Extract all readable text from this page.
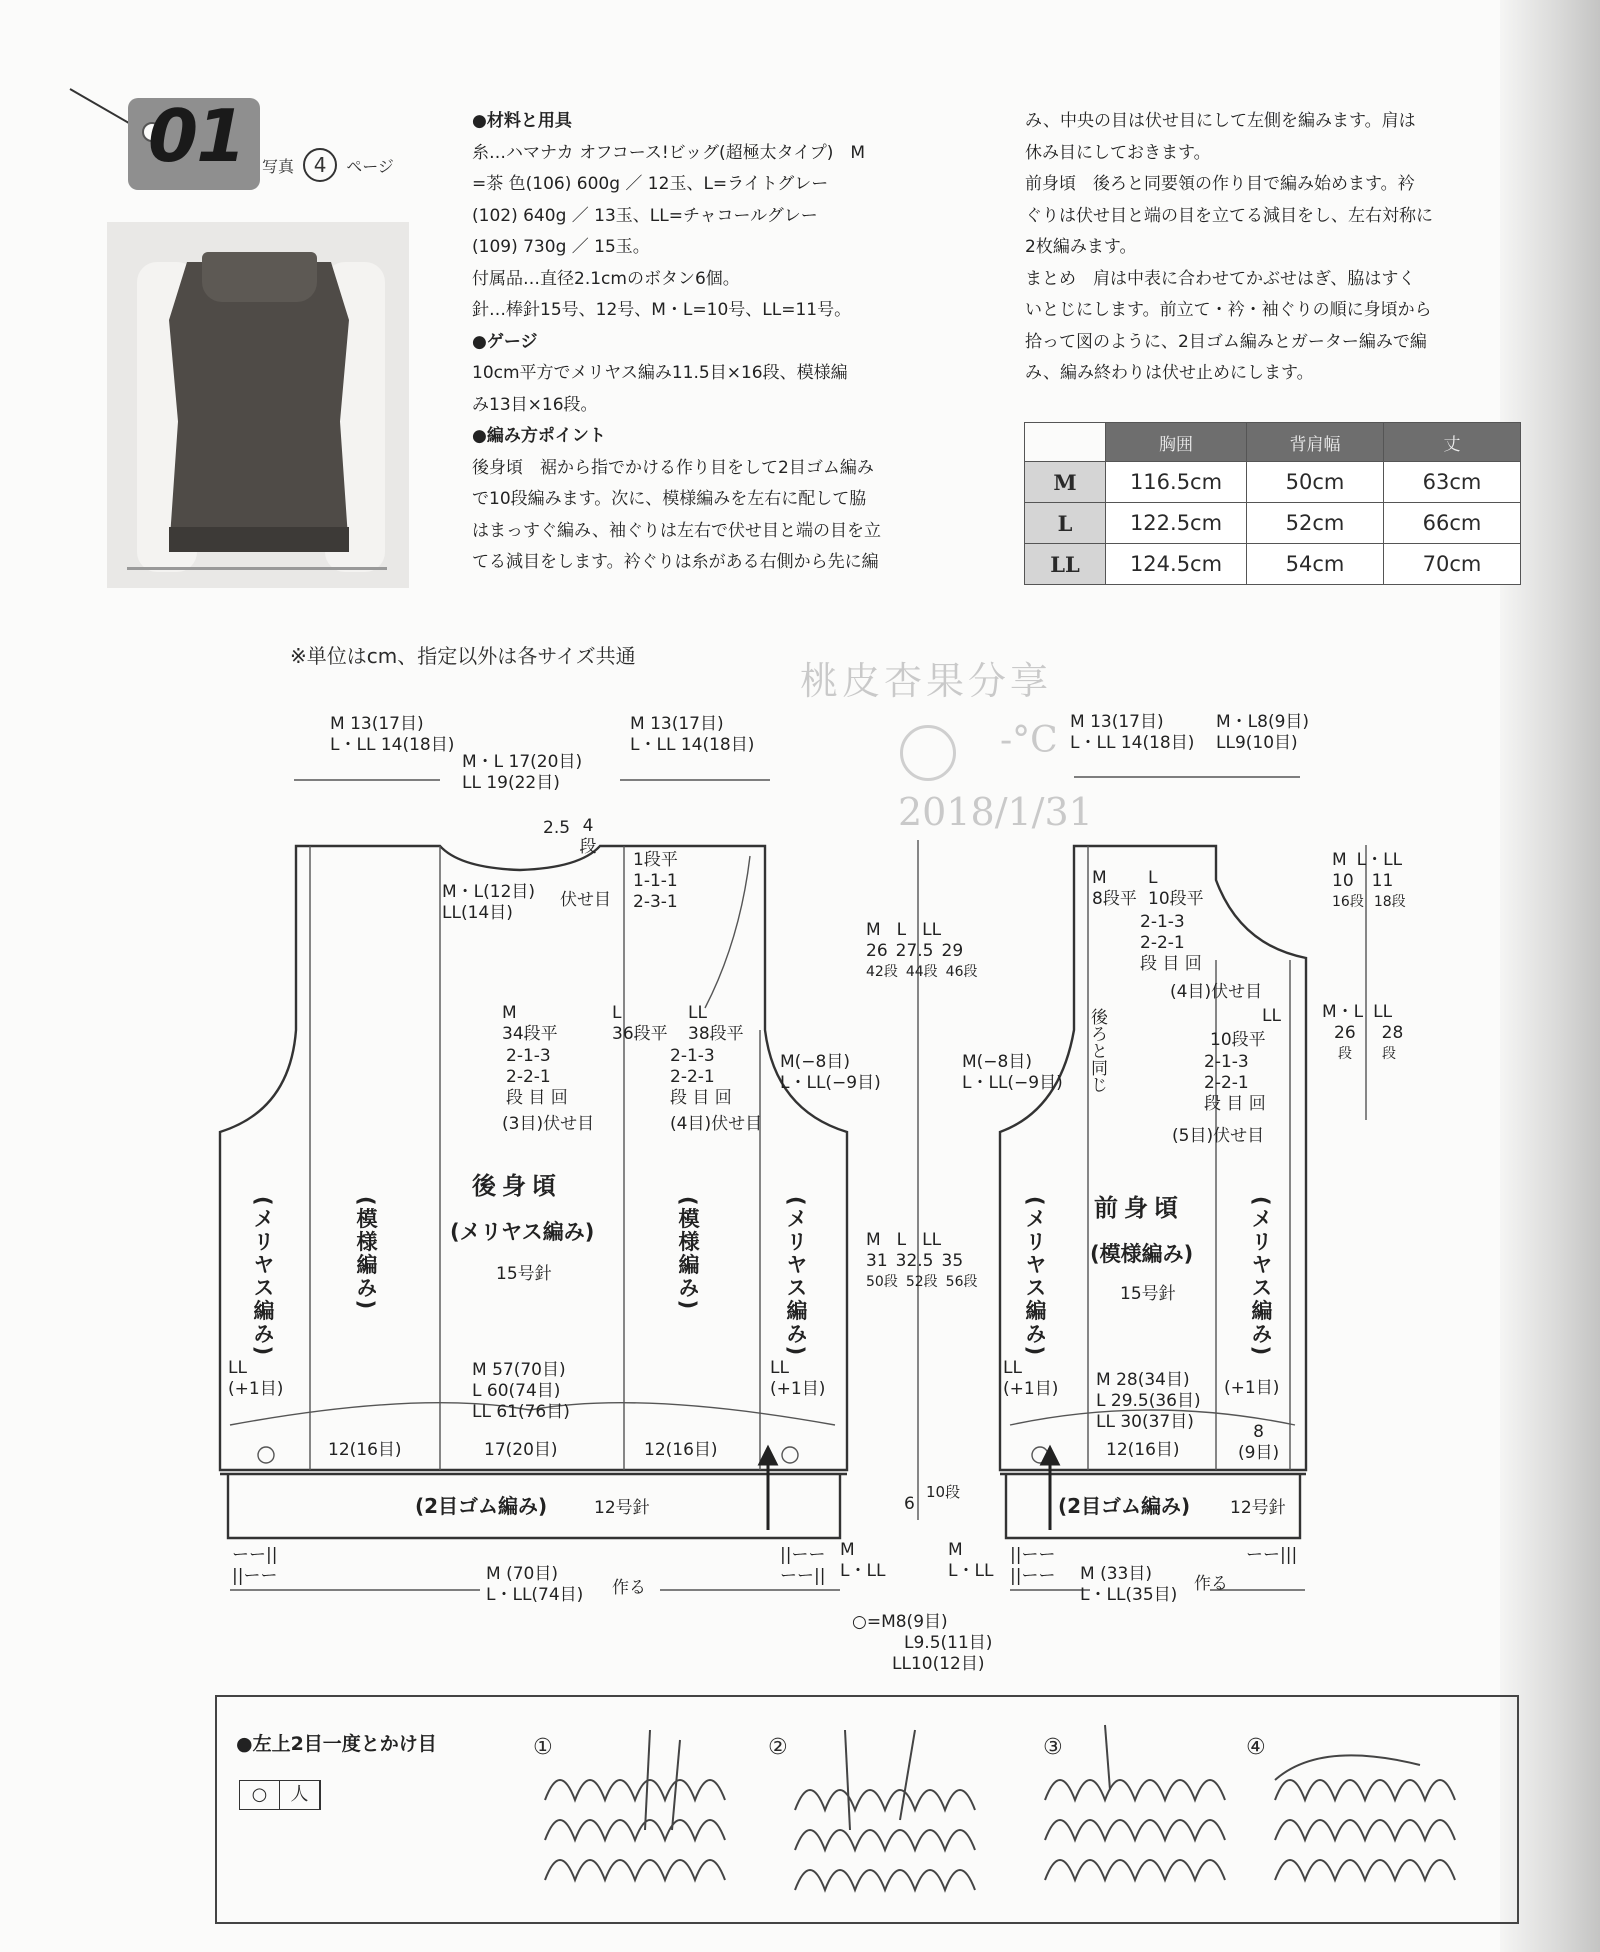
01 写真 4 ページ

●材料と用具

糸…ハマナカ オフコース!ビッグ(超極太タイプ)　M

=茶 色(106) 600g ／ 12玉、L=ライトグレー

(102) 640g ／ 13玉、LL=チャコールグレー

(109) 730g ／ 15玉。

付属品…直径2.1cmのボタン6個。

針…棒針15号、12号、M・L=10号、LL=11号。

●ゲージ

10cm平方でメリヤス編み11.5目×16段、模様編

み13目×16段。

●編み方ポイント

後身頃　裾から指でかける作り目をして2目ゴム編み

で10段編みます。次に、模様編みを左右に配して脇

はまっすぐ編み、袖ぐりは左右で伏せ目と端の目を立

てる減目をします。衿ぐりは糸がある右側から先に編

み、中央の目は伏せ目にして左側を編みます。肩は

休み目にしておきます。

前身頃　後ろと同要領の作り目で編み始めます。衿

ぐりは伏せ目と端の目を立てる減目をし、左右対称に

2枚編みます。

まとめ　肩は中表に合わせてかぶせはぎ、脇はすく

いとじにします。前立て・衿・袖ぐりの順に身頃から

拾って図のように、2目ゴム編みとガーター編みで編

み、編み終わりは伏せ止めにします。

	胸囲	背肩幅	丈
M	116.5cm	50cm	63cm
L	122.5cm	52cm	66cm
LL	124.5cm	54cm	70cm
※単位はcm、指定以外は各サイズ共通
桃皮杏果分享
-°C
2018/1/31
M 13(17目)
L・LL 14(18目)
M・L 17(20目)
LL 19(22目)
M 13(17目)
L・LL 14(18目)
2.5 4
段
M・L(12目)
LL(14目)
伏せ目
1段平
1-1-1
2-3-1
M	L	LL
34段平	36段平 38段平
2-1-3
2-2-1
段 目 回
(3目)伏せ目
2-1-3
2-2-1
段 目 回
(4目)伏せ目
M(−8目)
L・LL(−9目)
(メリヤス編み)	(模様編み)	(模様編み)	(メリヤス編み)
後身頃
(メリヤス編み)
15号針
LL
(+1目)
LL
(+1目)
M 57(70目)
L 60(74目)
LL 61(76目)
12(16目)	17(20目)	12(16目)
(2目ゴム編み)	12号針
ーー||
||ーー
||ーー
ーー||
M
L・LL
M (70目)
L・LL(74目) 作る
M L LL
26 27.5 29
42段 44段 46段
M(−8目)
L・LL(−9目)
M L LL
31 32.5 35
50段 52段 56段
6
10段
M 13(17目)
L・LL 14(18目)
M・L8(9目)
LL9(10目)
M
8段平
L
10段平
2-1-3
2-2-1
段 目 回
(4目)伏せ目
LL
10段平
2-1-3
2-2-1
段 目 回
(5目)伏せ目
後ろと同じ
(メリヤス編み)	(メリヤス編み)
前身頃
(模様編み)
15号針
LL
(+1目)	(+1目)
M 28(34目)
L 29.5(36目)
LL 30(37目)
12(16目)
8
(9目)
(2目ゴム編み) 12号針
M
L・LL
||ーー
||ーー
ーー|||
M (33目)
L・LL(35目)
作る
M L・LL
10 11
16段 18段
M・L LL
26 28
段 段
○=M8(9目)
L9.5(11目)
LL10(12目)
●左上2目一度とかけ目
○	人
①	②	③	④
